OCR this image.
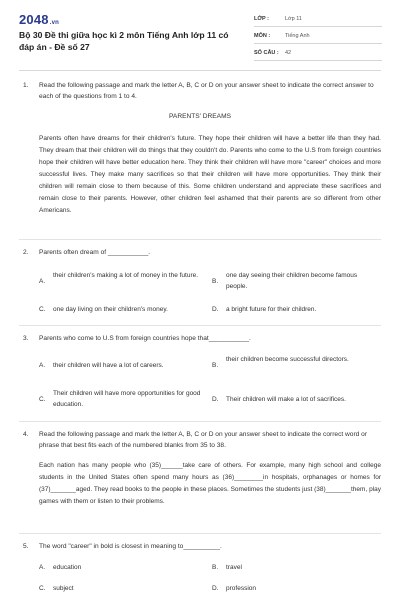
2048.vn
Bộ 30 Đề thi giữa học kì 2 môn Tiếng Anh lớp 11 có đáp án - Đề số 27
LỚP :	Lớp 11
MÔN :	Tiếng Anh
SỐ CÂU : 42
1. Read the following passage and mark the letter A, B, C or D on your answer sheet to indicate the correct answer to each of the questions from 1 to 4.
PARENTS' DREAMS
Parents often have dreams for their children's future. They hope their children will have a better life than they had. They dream that their children will do things that they couldn't do. Parents who come to the U.S from foreign countries hope their children will have better education here. They think their children will have more "career" choices and more successful lives. They make many sacrifices so that their children will have more opportunities. They think their children will remain close to them because of this. Some children understand and appreciate these sacrifices and remain close to their parents. However, other children feel ashamed that their parents are so different from other Americans.
2. Parents often dream of ___________.
A.
their children's making a lot of money in the future.
B.
one day seeing their children become famous people.
C. one day living on their children's money.	D. a bright future for their children.
3. Parents who come to U.S from foreign countries hope that___________.
A. their children will have a lot of careers.	B.
their children become successful directors.
C.
Their children will have more opportunities for good education.
D. Their children will make a lot of sacrifices.
4. Read the following passage and mark the letter A, B, C or D on your answer sheet to indicate the correct word or phrase that best fits each of the numbered blanks from 35 to 38.
Each nation has many people who (35)______take care of others. For example, many high school and college students in the United States often spend many hours as (36)________in hospitals, orphanages or homes for (37)_______aged. They read books to the people in these places. Sometimes the students just (38)_______them, play games with them or listen to their problems.
5. The word "career" in bold is closest in meaning to__________.
A. education	B. travel
C. subject	D. profession
